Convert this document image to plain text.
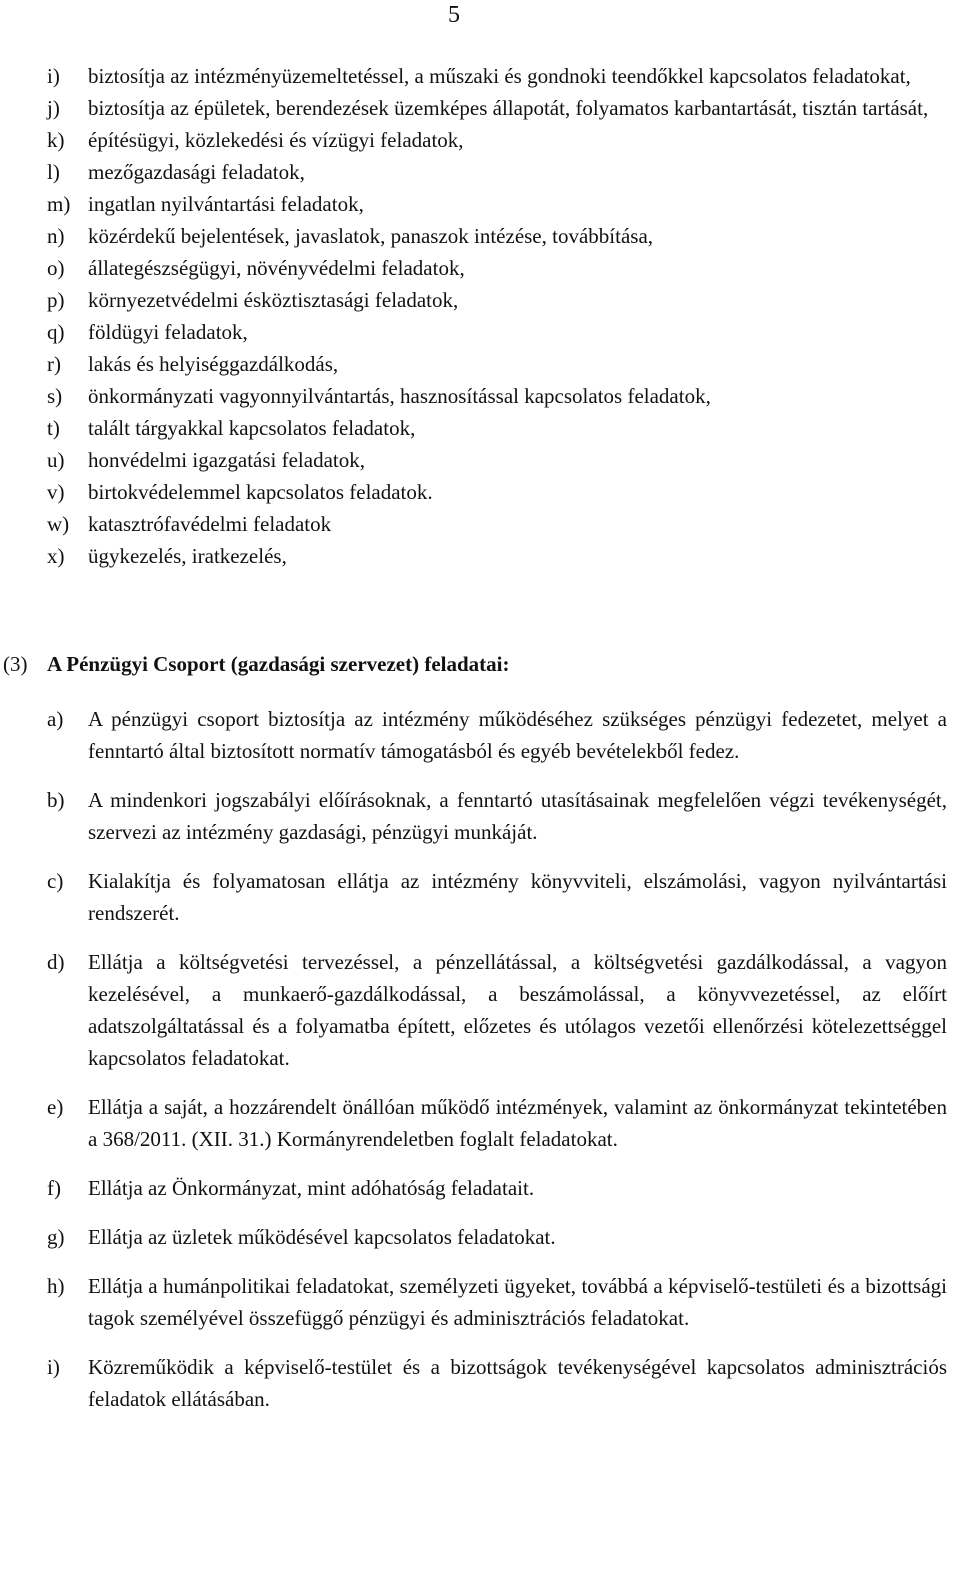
5
i) biztosítja az intézményüzemeltetéssel, a műszaki és gondnoki teendőkkel kapcsolatos feladatokat,
j) biztosítja az épületek, berendezések üzemképes állapotát, folyamatos karbantartását, tisztán tartását,
k) építésügyi, közlekedési és vízügyi feladatok,
l) mezőgazdasági feladatok,
m) ingatlan nyilvántartási feladatok,
n) közérdekű bejelentések, javaslatok, panaszok intézése, továbbítása,
o) állategészségügyi, növényvédelmi feladatok,
p) környezetvédelmi ésköztisztasági feladatok,
q) földügyi feladatok,
r) lakás és helyiséggazdálkodás,
s) önkormányzati vagyonnyilvántartás, hasznosítással kapcsolatos feladatok,
t) talált tárgyakkal kapcsolatos feladatok,
u) honvédelmi igazgatási feladatok,
v) birtokvédelemmel kapcsolatos feladatok.
w) katasztrófavédelmi feladatok
x) ügykezelés, iratkezelés,
(3) A Pénzügyi Csoport (gazdasági szervezet) feladatai:
a) A pénzügyi csoport biztosítja az intézmény működéséhez szükséges pénzügyi fedezetet, melyet a fenntartó által biztosított normatív támogatásból és egyéb bevételekből fedez.
b) A mindenkori jogszabályi előírásoknak, a fenntartó utasításainak megfelelően végzi tevékenységét, szervezi az intézmény gazdasági, pénzügyi munkáját.
c) Kialakítja és folyamatosan ellátja az intézmény könyvviteli, elszámolási, vagyon nyilvántartási rendszerét.
d) Ellátja a költségvetési tervezéssel, a pénzellátással, a költségvetési gazdálkodással, a vagyon kezelésével, a munkaerő-gazdálkodással, a beszámolással, a könyvvezetéssel, az előírt adatszolgáltatással és a folyamatba épített, előzetes és utólagos vezetői ellenőrzési kötelezettséggel kapcsolatos feladatokat.
e) Ellátja a saját, a hozzárendelt önállóan működő intézmények, valamint az önkormányzat tekintetében a 368/2011. (XII. 31.) Kormányrendeletben foglalt feladatokat.
f) Ellátja az Önkormányzat, mint adóhatóság feladatait.
g) Ellátja az üzletek működésével kapcsolatos feladatokat.
h) Ellátja a humánpolitikai feladatokat, személyzeti ügyeket, továbbá a képviselő-testületi és a bizottsági tagok személyével összefüggő pénzügyi és adminisztrációs feladatokat.
i) Közreműködik a képviselő-testület és a bizottságok tevékenységével kapcsolatos adminisztrációs feladatok ellátásában.
